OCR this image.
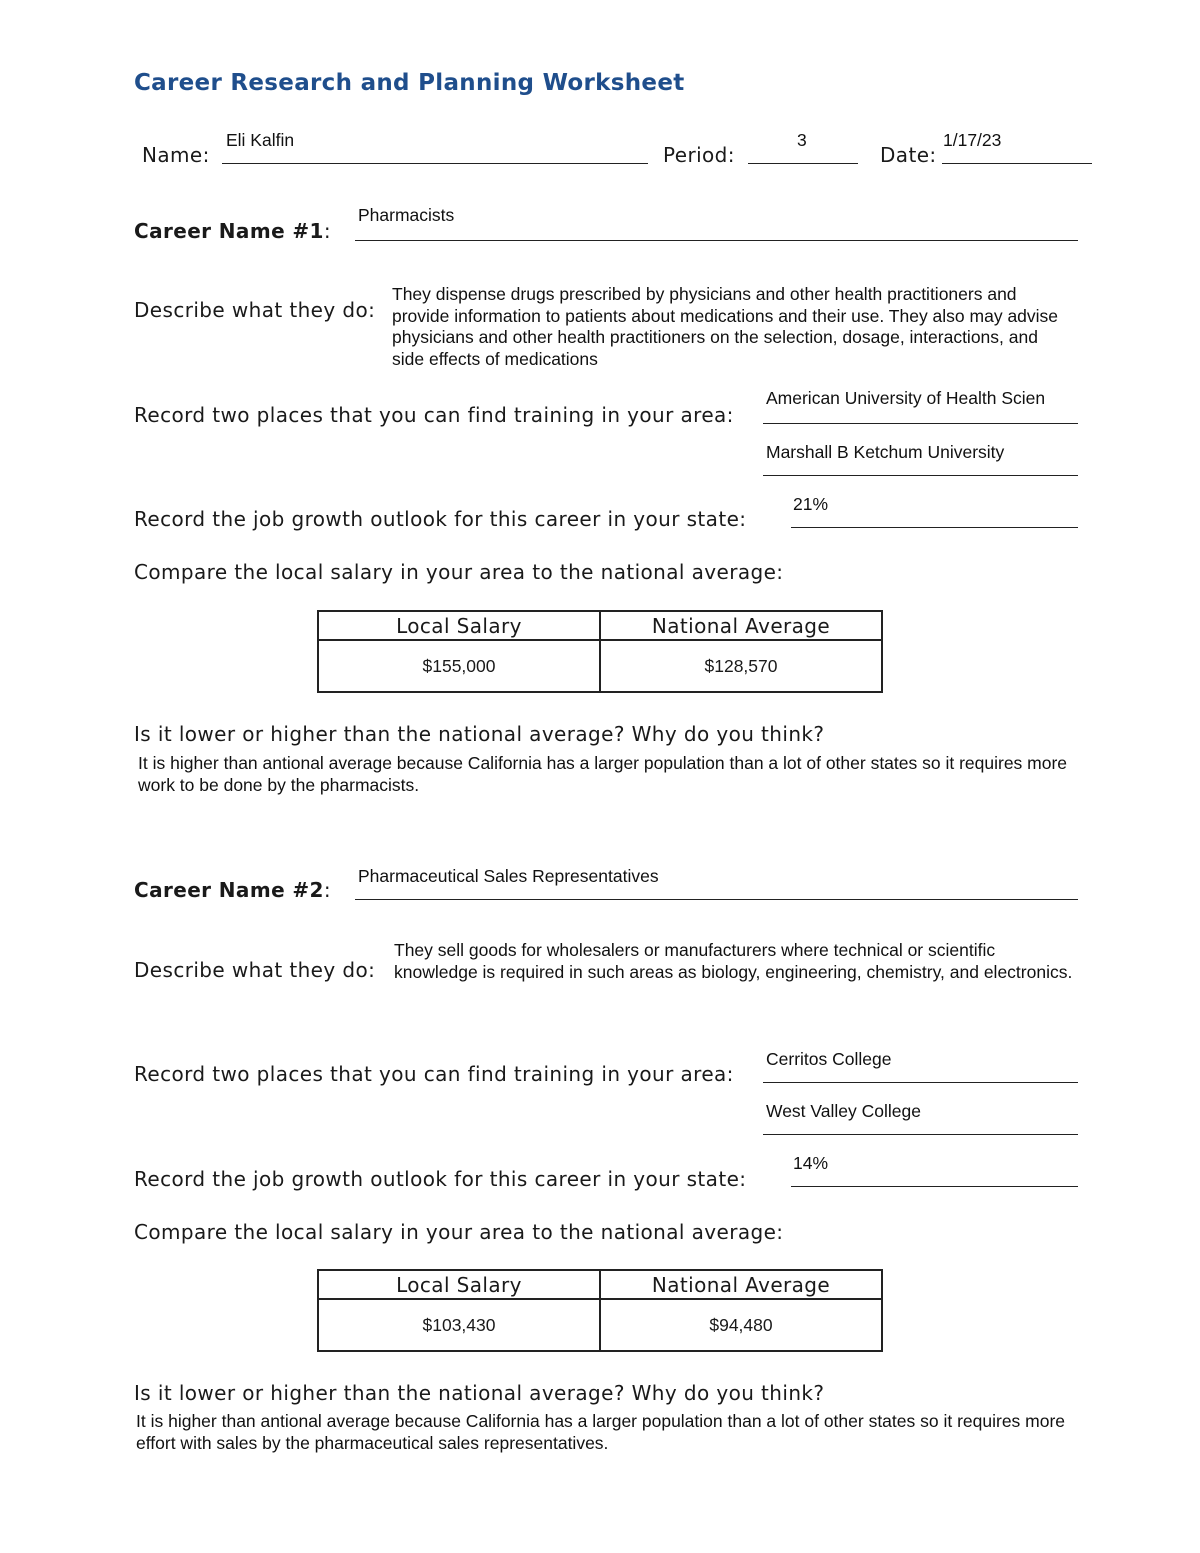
Career Research and Planning Worksheet
Name:
Eli Kalfin
Period:
3
Date:
1/17/23
Career Name #1:
Pharmacists
Describe what they do:
They dispense drugs prescribed by physicians and other health practitioners and provide information to patients about medications and their use. They also may advise physicians and other health practitioners on the selection, dosage, interactions, and side effects of medications
Record two places that you can find training in your area:
American University of Health Scien
Marshall B Ketchum University
Record the job growth outlook for this career in your state:
21%
Compare the local salary in your area to the national average:
Local Salary	National Average
$155,000	$128,570
Is it lower or higher than the national average? Why do you think?
It is higher than antional average because California has a larger population than a lot of other states so it requires more work to be done by the pharmacists.
Career Name #2:
Pharmaceutical Sales Representatives
Describe what they do:
They sell goods for wholesalers or manufacturers where technical or scientific knowledge is required in such areas as biology, engineering, chemistry, and electronics.
Record two places that you can find training in your area:
Cerritos College
West Valley College
Record the job growth outlook for this career in your state:
14%
Compare the local salary in your area to the national average:
Local Salary	National Average
$103,430	$94,480
Is it lower or higher than the national average? Why do you think?
It is higher than antional average because California has a larger population than a lot of other states so it requires more effort with sales by the pharmaceutical sales representatives.
